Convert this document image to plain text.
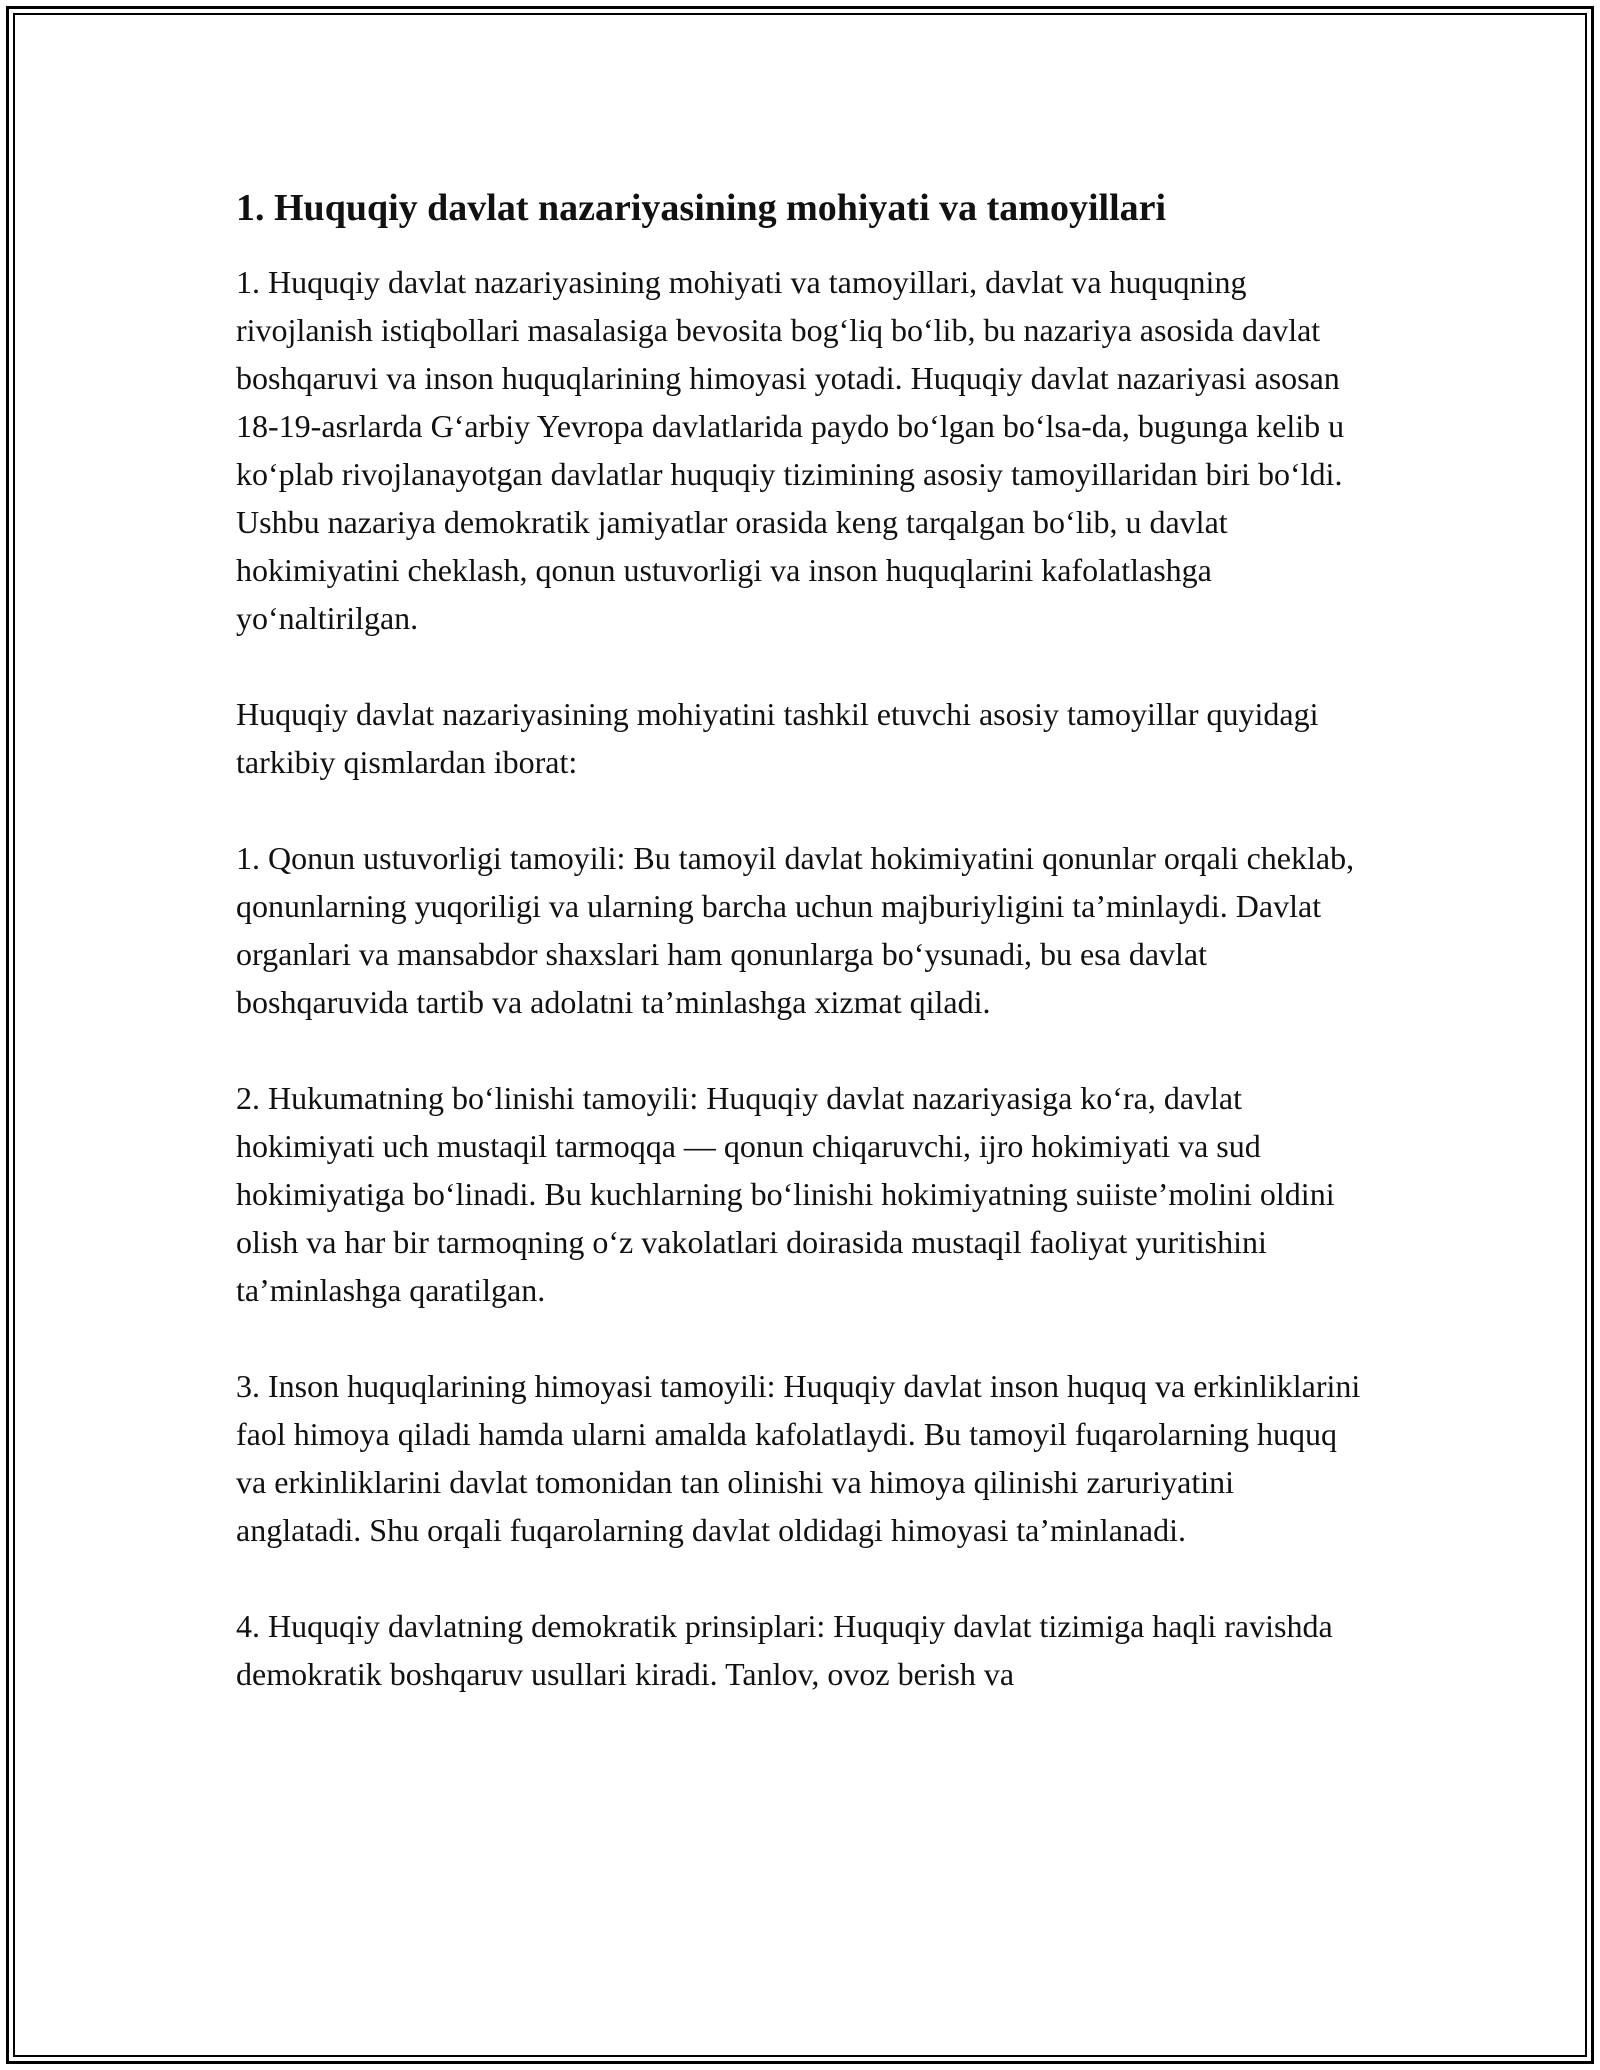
1. Huquqiy davlat nazariyasining mohiyati va tamoyillari

1. Huquqiy davlat nazariyasining mohiyati va tamoyillari, davlat va huquqning rivojlanish istiqbollari masalasiga bevosita bog‘liq bo‘lib, bu nazariya asosida davlat boshqaruvi va inson huquqlarining himoyasi yotadi. Huquqiy davlat nazariyasi asosan 18-19-asrlarda G‘arbiy Yevropa davlatlarida paydo bo‘lgan bo‘lsa-da, bugunga kelib u ko‘plab rivojlanayotgan davlatlar huquqiy tizimining asosiy tamoyillaridan biri bo‘ldi. Ushbu nazariya demokratik jamiyatlar orasida keng tarqalgan bo‘lib, u davlat hokimiyatini cheklash, qonun ustuvorligi va inson huquqlarini kafolatlashga yo‘naltirilgan.

Huquqiy davlat nazariyasining mohiyatini tashkil etuvchi asosiy tamoyillar quyidagi tarkibiy qismlardan iborat:

1. Qonun ustuvorligi tamoyili: Bu tamoyil davlat hokimiyatini qonunlar orqali cheklab, qonunlarning yuqoriligi va ularning barcha uchun majburiyligini ta’minlaydi. Davlat organlari va mansabdor shaxslari ham qonunlarga bo‘ysunadi, bu esa davlat boshqaruvida tartib va adolatni ta’minlashga xizmat qiladi.

2. Hukumatning bo‘linishi tamoyili: Huquqiy davlat nazariyasiga ko‘ra, davlat hokimiyati uch mustaqil tarmoqqa — qonun chiqaruvchi, ijro hokimiyati va sud hokimiyatiga bo‘linadi. Bu kuchlarning bo‘linishi hokimiyatning suiiste’molini oldini olish va har bir tarmoqning o‘z vakolatlari doirasida mustaqil faoliyat yuritishini ta’minlashga qaratilgan.

3. Inson huquqlarining himoyasi tamoyili: Huquqiy davlat inson huquq va erkinliklarini faol himoya qiladi hamda ularni amalda kafolatlaydi. Bu tamoyil fuqarolarning huquq va erkinliklarini davlat tomonidan tan olinishi va himoya qilinishi zaruriyatini anglatadi. Shu orqali fuqarolarning davlat oldidagi himoyasi ta’minlanadi.

4. Huquqiy davlatning demokratik prinsiplari: Huquqiy davlat tizimiga haqli ravishda demokratik boshqaruv usullari kiradi. Tanlov, ovoz berish va
